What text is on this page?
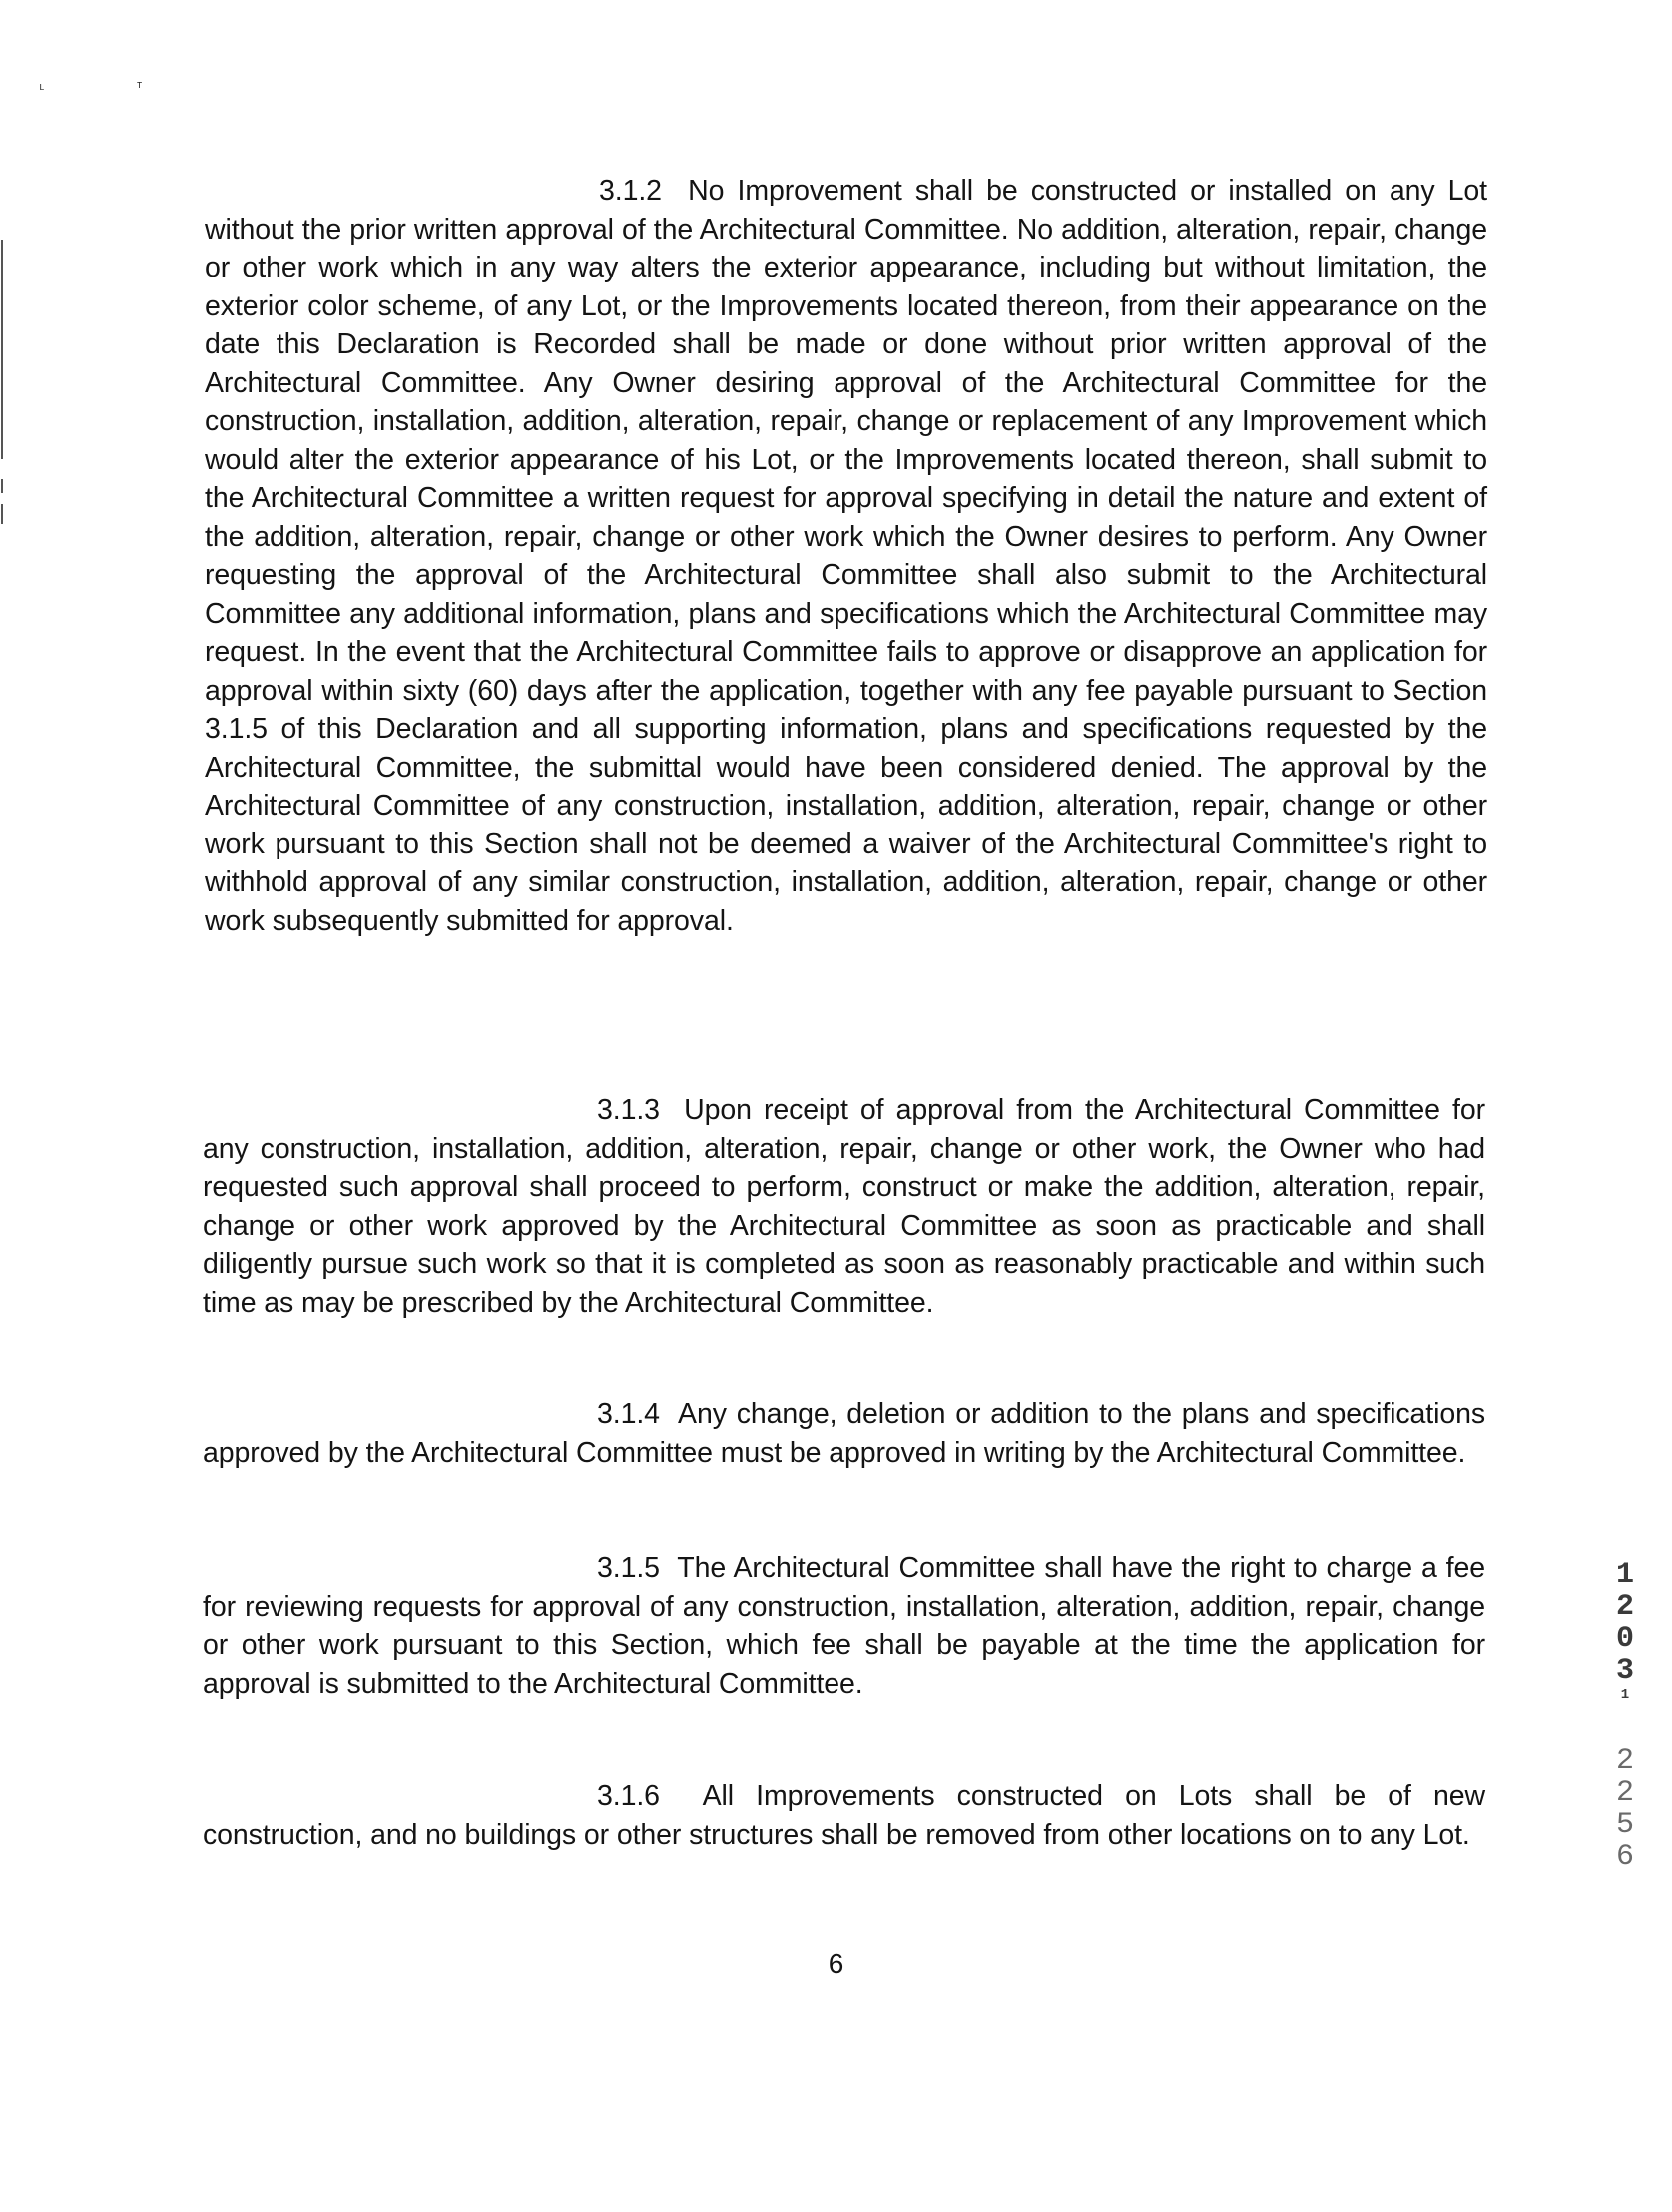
ᴸ	ᵀ

3.1.2 No Improvement shall be constructed or installed on any Lot without the prior written approval of the Architectural Committee. No addition, alteration, repair, change or other work which in any way alters the exterior appearance, including but without limitation, the exterior color scheme, of any Lot, or the Improvements located thereon, from their appearance on the date this Declaration is Recorded shall be made or done without prior written approval of the Architectural Committee. Any Owner desiring approval of the Architectural Committee for the construction, installation, addition, alteration, repair, change or replacement of any Improvement which would alter the exterior appearance of his Lot, or the Improvements located thereon, shall submit to the Architectural Committee a written request for approval specifying in detail the nature and extent of the addition, alteration, repair, change or other work which the Owner desires to perform. Any Owner requesting the approval of the Architectural Committee shall also submit to the Architectural Committee any additional information, plans and specifications which the Architectural Committee may request. In the event that the Architectural Committee fails to approve or disapprove an application for approval within sixty (60) days after the application, together with any fee payable pursuant to Section 3.1.5 of this Declaration and all supporting information, plans and specifications requested by the Architectural Committee, the submittal would have been considered denied. The approval by the Architectural Committee of any construction, installation, addition, alteration, repair, change or other work pursuant to this Section shall not be deemed a waiver of the Architectural Committee's right to withhold approval of any similar construction, installation, addition, alteration, repair, change or other work subsequently submitted for approval.

3.1.3 Upon receipt of approval from the Architectural Committee for any construction, installation, addition, alteration, repair, change or other work, the Owner who had requested such approval shall proceed to perform, construct or make the addition, alteration, repair, change or other work approved by the Architectural Committee as soon as practicable and shall diligently pursue such work so that it is completed as soon as reasonably practicable and within such time as may be prescribed by the Architectural Committee.

3.1.4 Any change, deletion or addition to the plans and specifications approved by the Architectural Committee must be approved in writing by the Architectural Committee.

3.1.5 The Architectural Committee shall have the right to charge a fee for reviewing requests for approval of any construction, installation, alteration, addition, repair, change or other work pursuant to this Section, which fee shall be payable at the time the application for approval is submitted to the Architectural Committee.

3.1.6 All Improvements constructed on Lots shall be of new construction, and no buildings or other structures shall be removed from other locations on to any Lot.

6
1
2
0
3
1
2
2
5
6
